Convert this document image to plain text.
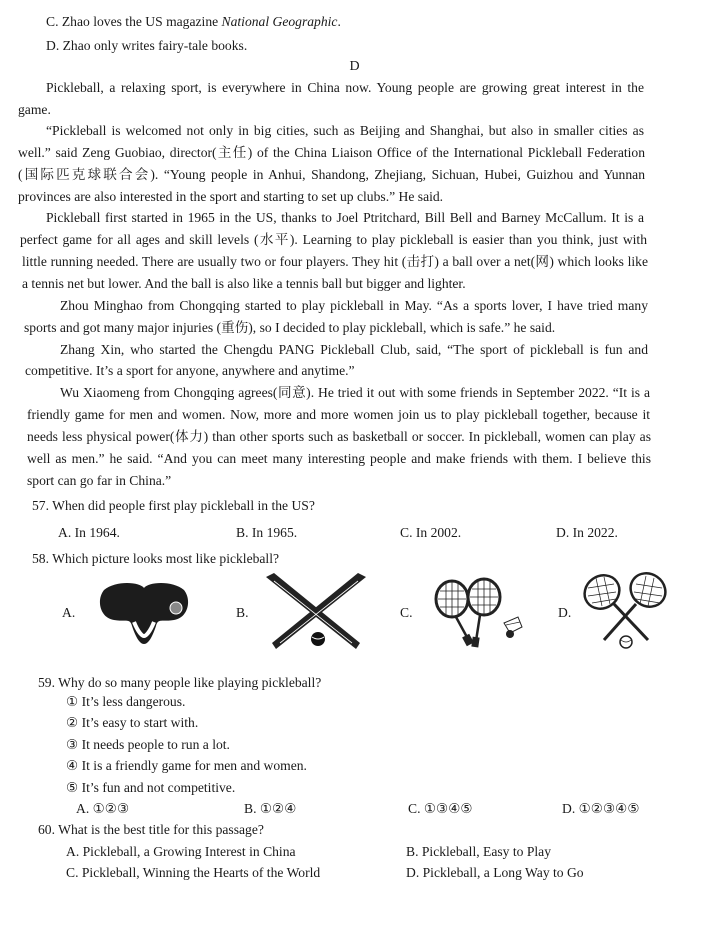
C. Zhao loves the US magazine National Geographic.
D. Zhao only writes fairy-tale books.
D
Pickleball, a relaxing sport, is everywhere in China now. Young people are growing great interest in the
game.
“Pickleball is welcomed not only in big cities, such as Beijing and Shanghai, but also in smaller cities as
well.” said Zeng Guobiao, director(主任) of the China Liaison Office of the International Pickleball Federation
(国际匹克球联合会). “Young people in Anhui, Shandong, Zhejiang, Sichuan, Hubei, Guizhou and Yunnan
provinces are also interested in the sport and starting to set up clubs.” He said.
Pickleball first started in 1965 in the US, thanks to Joel Ptritchard, Bill Bell and Barney McCallum. It is a
perfect game for all ages and skill levels (水平). Learning to play pickleball is easier than you think, just with
little running needed. There are usually two or four players. They hit (击打) a ball over a net(网) which looks like
a tennis net but lower. And the ball is also like a tennis ball but bigger and lighter.
Zhou Minghao from Chongqing started to play pickleball in May. “As a sports lover, I have tried many
sports and got many major injuries (重伤), so I decided to play pickleball, which is safe.” he said.
Zhang Xin, who started the Chengdu PANG Pickleball Club, said, “The sport of pickleball is fun and
competitive. It’s a sport for anyone, anywhere and anytime.”
Wu Xiaomeng from Chongqing agrees(同意). He tried it out with some friends in September 2022. “It is a
friendly game for men and women. Now, more and more women join us to play pickleball together, because it
needs less physical power(体力) than other sports such as basketball or soccer. In pickleball, women can play as
well as men.” he said. “And you can meet many interesting people and make friends with them. I believe this
sport can go far in China.”
57. When did people first play pickleball in the US?
A. In 1964.	B. In 1965.	C. In 2002.	D. In 2022.
58. Which picture looks most like pickleball?
A.	B.	C.	D.
59. Why do so many people like playing pickleball?
① It’s less dangerous.
② It’s easy to start with.
③ It needs people to run a lot.
④ It is a friendly game for men and women.
⑤ It’s fun and not competitive.
A. ①②③	B. ①②④	C. ①③④⑤	D. ①②③④⑤
60. What is the best title for this passage?
A. Pickleball, a Growing Interest in China	B. Pickleball, Easy to Play
C. Pickleball, Winning the Hearts of the World	D. Pickleball, a Long Way to Go
